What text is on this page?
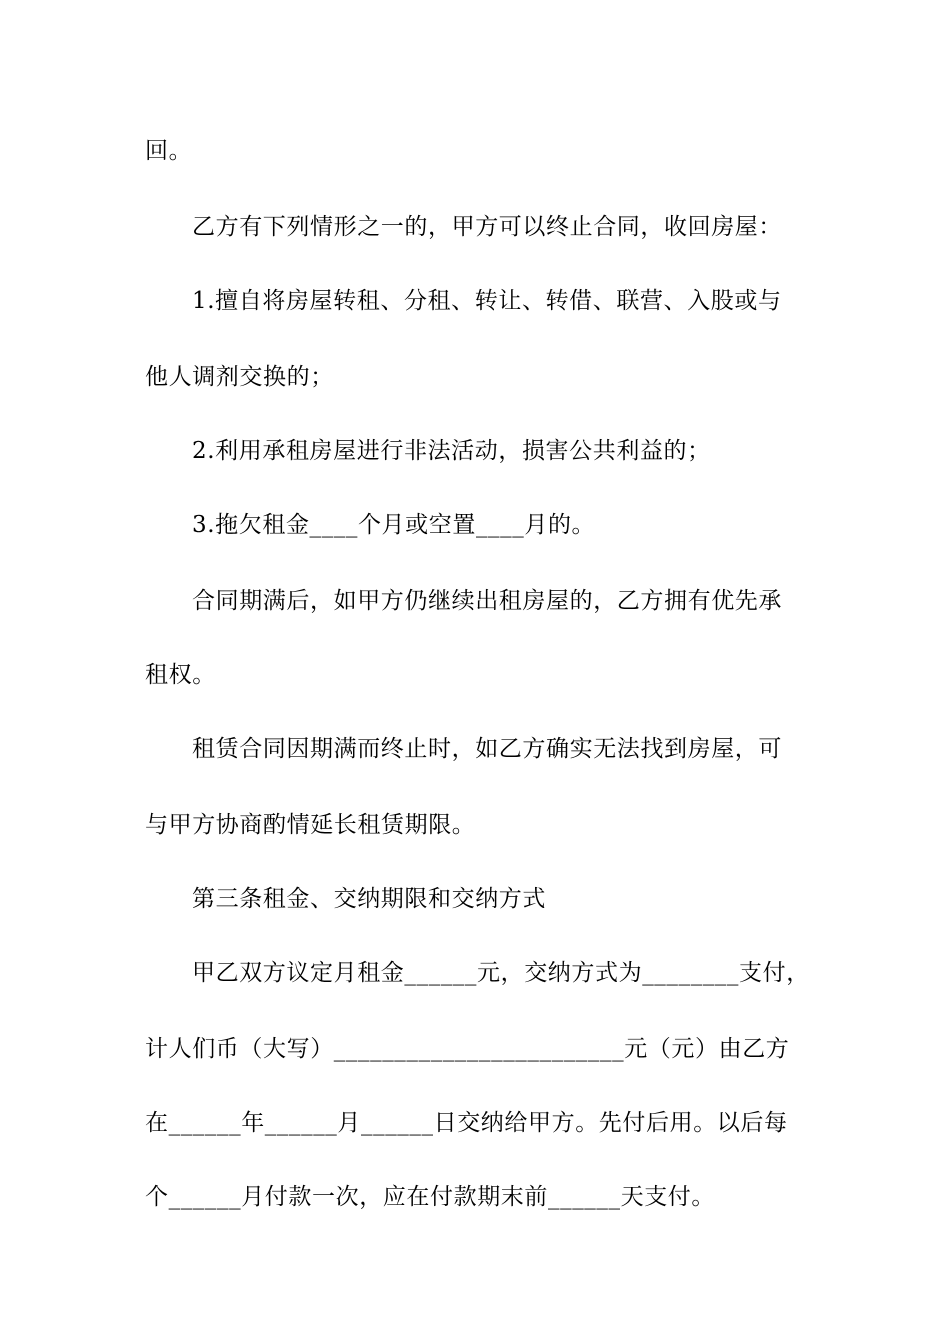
回。
乙方有下列情形之一的，甲方可以终止合同，收回房屋：
1.擅自将房屋转租、分租、转让、转借、联营、入股或与
他人调剂交换的；
2.利用承租房屋进行非法活动，损害公共利益的；
3.拖欠租金____个月或空置____月的。
合同期满后，如甲方仍继续出租房屋的，乙方拥有优先承
租权。
租赁合同因期满而终止时，如乙方确实无法找到房屋，可
与甲方协商酌情延长租赁期限。
第三条租金、交纳期限和交纳方式
甲乙双方议定月租金______元，交纳方式为________支付，
计人们币（大写）________________________元（元）由乙方
在______年______月______日交纳给甲方。先付后用。以后每
个______月付款一次，应在付款期末前______天支付。
